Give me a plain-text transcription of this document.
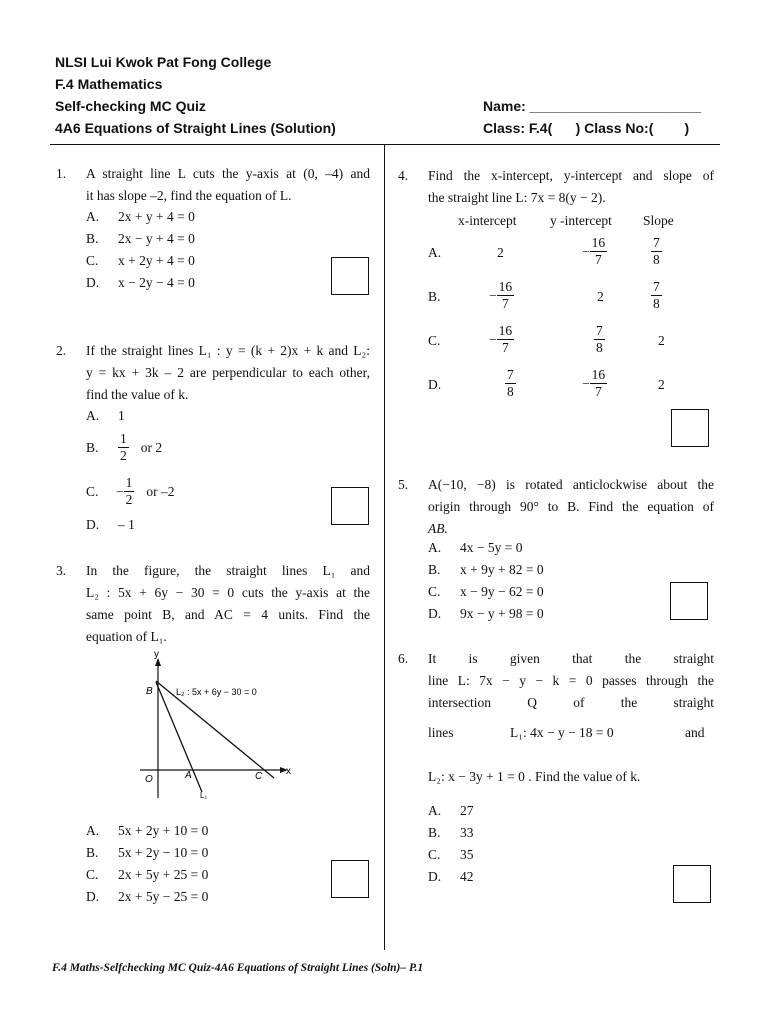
NLSI Lui Kwok Pat Fong College
F.4 Mathematics
Self-checking MC Quiz
4A6 Equations of Straight Lines (Solution)
Name: ______________________
Class: F.4(      ) Class No:(        )
1. A straight line L cuts the y-axis at (0, –4) and
it has slope –2, find the equation of L.
A.	2x + y + 4 = 0
B.	2x − y + 4 = 0
C.	x + 2y + 4 = 0
D.	x − 2y − 4 = 0
2. If the straight lines L₁ : y = (k + 2)x + k and L₂:
y = kx + 3k – 2 are perpendicular to each other,
find the value of k.
A.	1
B.	$\frac{1}{2}$ or 2
C.	− $\frac{1}{2}$ or –2
D.	– 1
3. In the figure, the straight lines L₁ and
L₂ : 5x + 6y − 30 = 0 cuts the y-axis at the
same point B, and AC = 4 units. Find the
equation of L₁.
y
x
O	A
B
C
L₁
L₂ : 5x + 6y − 30 = 0
A.	5x + 2y + 10 = 0
B.	5x + 2y − 10 = 0
C.	2x + 5y + 25 = 0
D.	2x + 5y − 25 = 0
4. Find the x-intercept, y-intercept and slope of
the straight line L: 7x = 8(y − 2).
x-intercept y -intercept Slope
A.	2	− $\frac{16}{7}$	$\frac{7}{8}$
B.	− $\frac{16}{7}$	2	$\frac{7}{8}$
C.	− $\frac{16}{7}$	$\frac{7}{8}$	2
D.	$\frac{7}{8}$	− $\frac{16}{7}$	2
5. A(−10, −8) is rotated anticlockwise about the
origin through 90° to B. Find the equation of
AB.
A.	4x − 5y = 0
B.	x + 9y + 82 = 0
C.	x − 9y − 62 = 0
D.	9x − y + 98 = 0
6. It is given that the straight
line L: 7x − y − k = 0 passes through the
intersection Q of the straight
lines	L₁: 4x − y − 18 = 0	and
L₂: x − 3y + 1 = 0 . Find the value of k.
A.	27
B.	33
C.	35
D.	42
F.4 Maths-Selfchecking MC Quiz-4A6 Equations of Straight Lines (Soln)– P.1
